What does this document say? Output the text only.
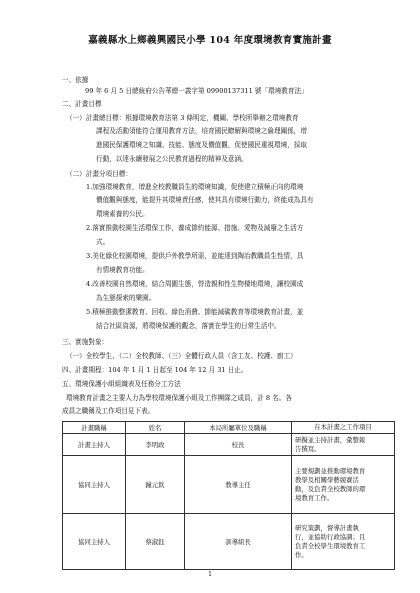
嘉義縣水上鄉義興國民小學 104 年度環境教育實施計畫
一、依據
99 年 6 月 5 日總統府公告華總一義字第 09900137311 號「環境教育法」
二、計畫目標
（一）計畫總目標：根據環境教育法第 3 條明定，機關、學校所舉辦之環境教育
課程及活動須能符合運用教育方法，培育國民瞭解與環境之倫理關係，增
進國民保護環境之知識、技能、態度及價值觀，促使國民重視環境，採取
行動，以達永續發展之公民教育過程的精神及意涵。
（二）計畫分項目標：
1.加強環境教育，增進全校教職員生的環境知識，促使建立積極正向的環境
價值觀與態度，能提升其環境責任感，使其具有環境行動力，終能成為具有
環境素養的公民。
2.落實推動校園生活環保工作，養成節約能源、措施、愛物及減廢之生活方
式。
3.美化綠化校園環境，提供戶外教學所需，並能達到陶冶教職員生性情，具
有情境教育功能。
4.改善校園自然環境，結合周圍生態，營造親和性生物棲地環境，讓校園成
為生態探索的樂園。
5.積極推動整潔教育、回收、綠色消費、節能減碳教育等環境教育計畫，並
結合社區資源，將環境保護的觀念，落實在學生的日常生活中。
三、實施對象：
（一）全校學生、（二）全校教師、（三）全體行政人員（含工友、校護、廚工）
四、計畫期程：104 年 1 月 1 日起至 104 年 12 月 31 日止。
五、環境保護小組組織表及任務分工方法
環境教育計畫之主要人力為學校環境保護小組及工作團隊之成員，計 8 名。各
成員之職稱及工作項目見下表。
計畫職稱	姓名	本局所屬單位及職稱	在本計畫之工作項目
計畫主持人	李明政	校長	研擬並主持計畫，彙整報
告撰寫。

協同主持人	鐘元欽	教導主任	主要規劃並推動環境教育
教學及相關學藝競賽活
動，及負責全校教師的環
境教育工作。

協同主持人	蔡淑鈺	訓導組長	研究策劃，督導計畫執
行，並協助行政協調；且
負責全校學生環境教育工
作。
1
